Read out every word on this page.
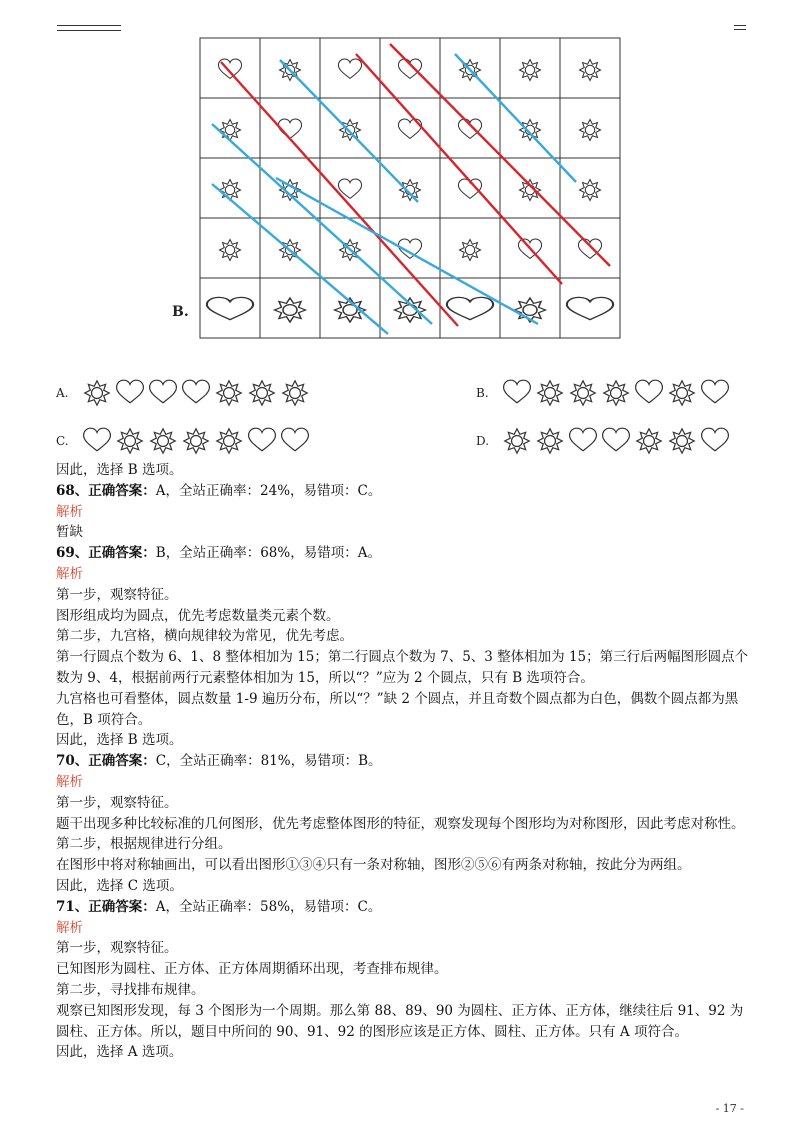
B.
A.	B.
C.	D.
因此，选择 B 选项。
68、正确答案：A，全站正确率：24%，易错项：C。
解析
暂缺
69、正确答案：B，全站正确率：68%，易错项：A。
解析
第一步，观察特征。
图形组成均为圆点，优先考虑数量类元素个数。
第二步，九宫格，横向规律较为常见，优先考虑。
第一行圆点个数为 6、1、8 整体相加为 15；第二行圆点个数为 7、5、3 整体相加为 15；第三行后两幅图形圆点个数为 9、4，根据前两行元素整体相加为 15，所以“？”应为 2 个圆点，只有 B 选项符合。
九宫格也可看整体，圆点数量 1-9 遍历分布，所以“？”缺 2 个圆点，并且奇数个圆点都为白色，偶数个圆点都为黑色，B 项符合。
因此，选择 B 选项。
70、正确答案：C，全站正确率：81%，易错项：B。
解析
第一步，观察特征。
题干出现多种比较标准的几何图形，优先考虑整体图形的特征，观察发现每个图形均为对称图形，因此考虑对称性。
第二步，根据规律进行分组。
在图形中将对称轴画出，可以看出图形①③④只有一条对称轴，图形②⑤⑥有两条对称轴，按此分为两组。
因此，选择 C 选项。
71、正确答案：A，全站正确率：58%，易错项：C。
解析
第一步，观察特征。
已知图形为圆柱、正方体、正方体周期循环出现，考查排布规律。
第二步，寻找排布规律。
观察已知图形发现，每 3 个图形为一个周期。那么第 88、89、90 为圆柱、正方体、正方体，继续往后 91、92 为圆柱、正方体。所以，题目中所问的 90、91、92 的图形应该是正方体、圆柱、正方体。只有 A 项符合。
因此，选择 A 选项。
- 17 -
